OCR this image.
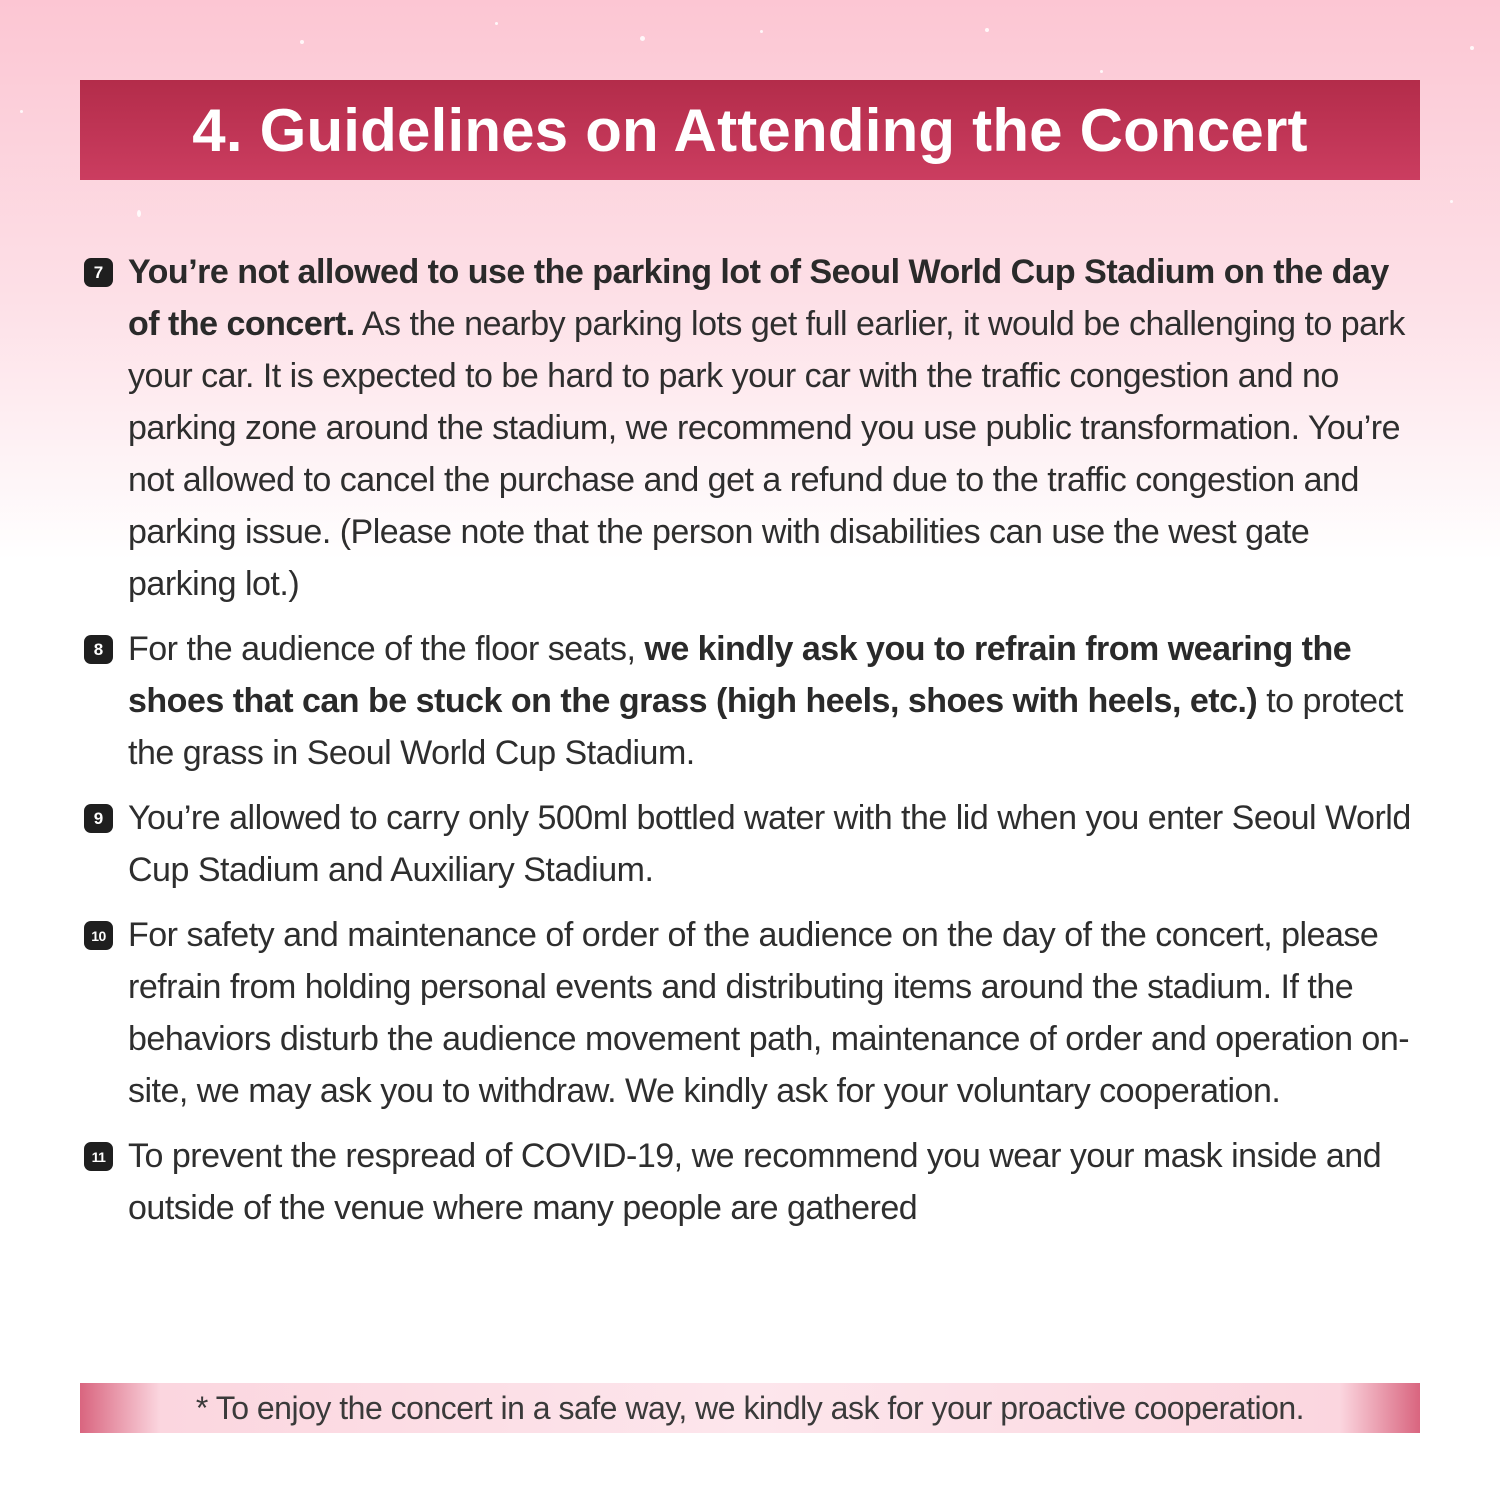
4. Guidelines on Attending the Concert
7 You’re not allowed to use the parking lot of Seoul World Cup Stadium on the day of the concert. As the nearby parking lots get full earlier, it would be challenging to park your car. It is expected to be hard to park your car with the traffic congestion and no parking zone around the stadium, we recommend you use public transformation. You’re not allowed to cancel the purchase and get a refund due to the traffic congestion and parking issue. (Please note that the person with disabilities can use the west gate parking lot.)
8 For the audience of the floor seats, we kindly ask you to refrain from wearing the shoes that can be stuck on the grass (high heels, shoes with heels, etc.) to protect the grass in Seoul World Cup Stadium.
9 You’re allowed to carry only 500ml bottled water with the lid when you enter Seoul World Cup Stadium and Auxiliary Stadium.
10 For safety and maintenance of order of the audience on the day of the concert, please refrain from holding personal events and distributing items around the stadium. If the behaviors disturb the audience movement path, maintenance of order and operation on-site, we may ask you to withdraw. We kindly ask for your voluntary cooperation.
11 To prevent the respread of COVID-19, we recommend you wear your mask inside and outside of the venue where many people are gathered
* To enjoy the concert in a safe way, we kindly ask for your proactive cooperation.
